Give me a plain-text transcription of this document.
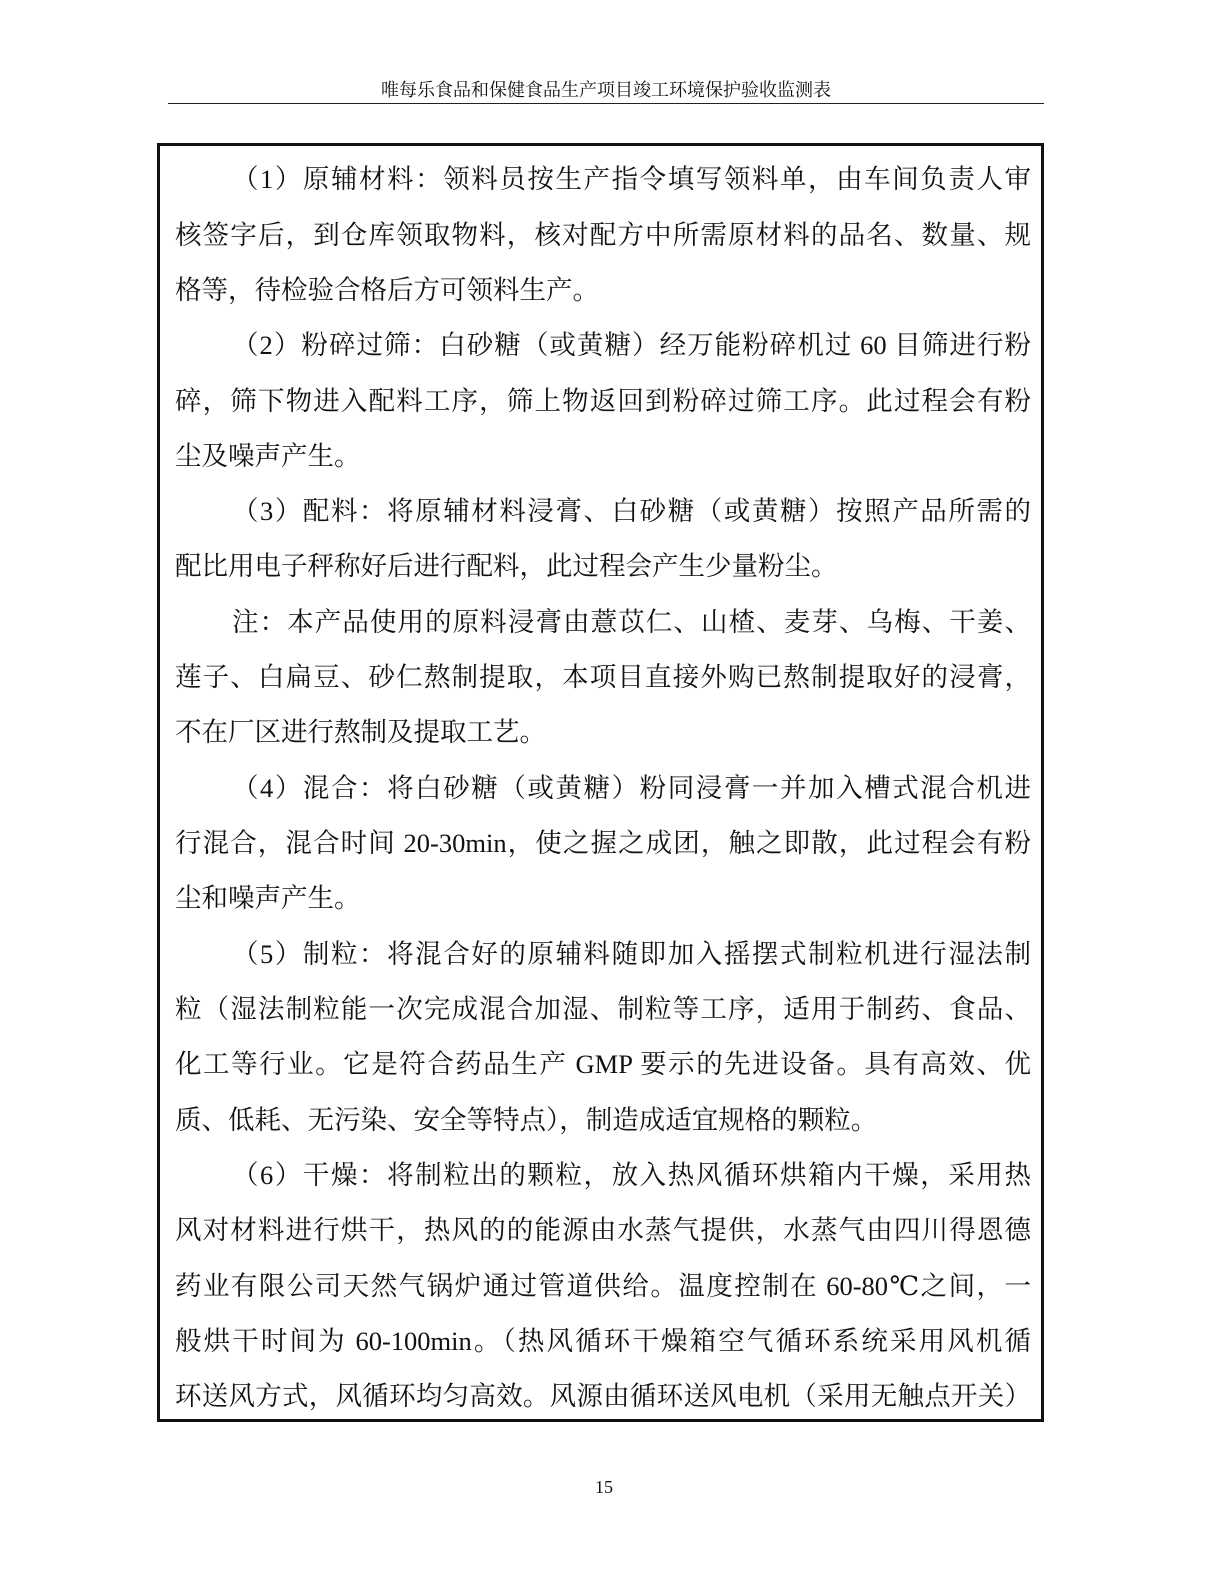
唯每乐食品和保健食品生产项目竣工环境保护验收监测表
（1）原辅材料：领料员按生产指令填写领料单，由车间负责人审
核签字后，到仓库领取物料，核对配方中所需原材料的品名、数量、规
格等，待检验合格后方可领料生产。
（2）粉碎过筛：白砂糖（或黄糖）经万能粉碎机过 60 目筛进行粉
碎，筛下物进入配料工序，筛上物返回到粉碎过筛工序。此过程会有粉
尘及噪声产生。
（3）配料：将原辅材料浸膏、白砂糖（或黄糖）按照产品所需的
配比用电子秤称好后进行配料，此过程会产生少量粉尘。
注：本产品使用的原料浸膏由薏苡仁、山楂、麦芽、乌梅、干姜、
莲子、白扁豆、砂仁熬制提取，本项目直接外购已熬制提取好的浸膏，
不在厂区进行熬制及提取工艺。
（4）混合：将白砂糖（或黄糖）粉同浸膏一并加入槽式混合机进
行混合，混合时间 20-30min，使之握之成团，触之即散，此过程会有粉
尘和噪声产生。
（5）制粒：将混合好的原辅料随即加入摇摆式制粒机进行湿法制
粒（湿法制粒能一次完成混合加湿、制粒等工序，适用于制药、食品、
化工等行业。它是符合药品生产 GMP 要示的先进设备。具有高效、优
质、低耗、无污染、安全等特点），制造成适宜规格的颗粒。
（6）干燥：将制粒出的颗粒，放入热风循环烘箱内干燥，采用热
风对材料进行烘干，热风的的能源由水蒸气提供，水蒸气由四川得恩德
药业有限公司天然气锅炉通过管道供给。温度控制在 60-80℃之间，一
般烘干时间为 60-100min。（热风循环干燥箱空气循环系统采用风机循
环送风方式，风循环均匀高效。风源由循环送风电机（采用无触点开关）
15
